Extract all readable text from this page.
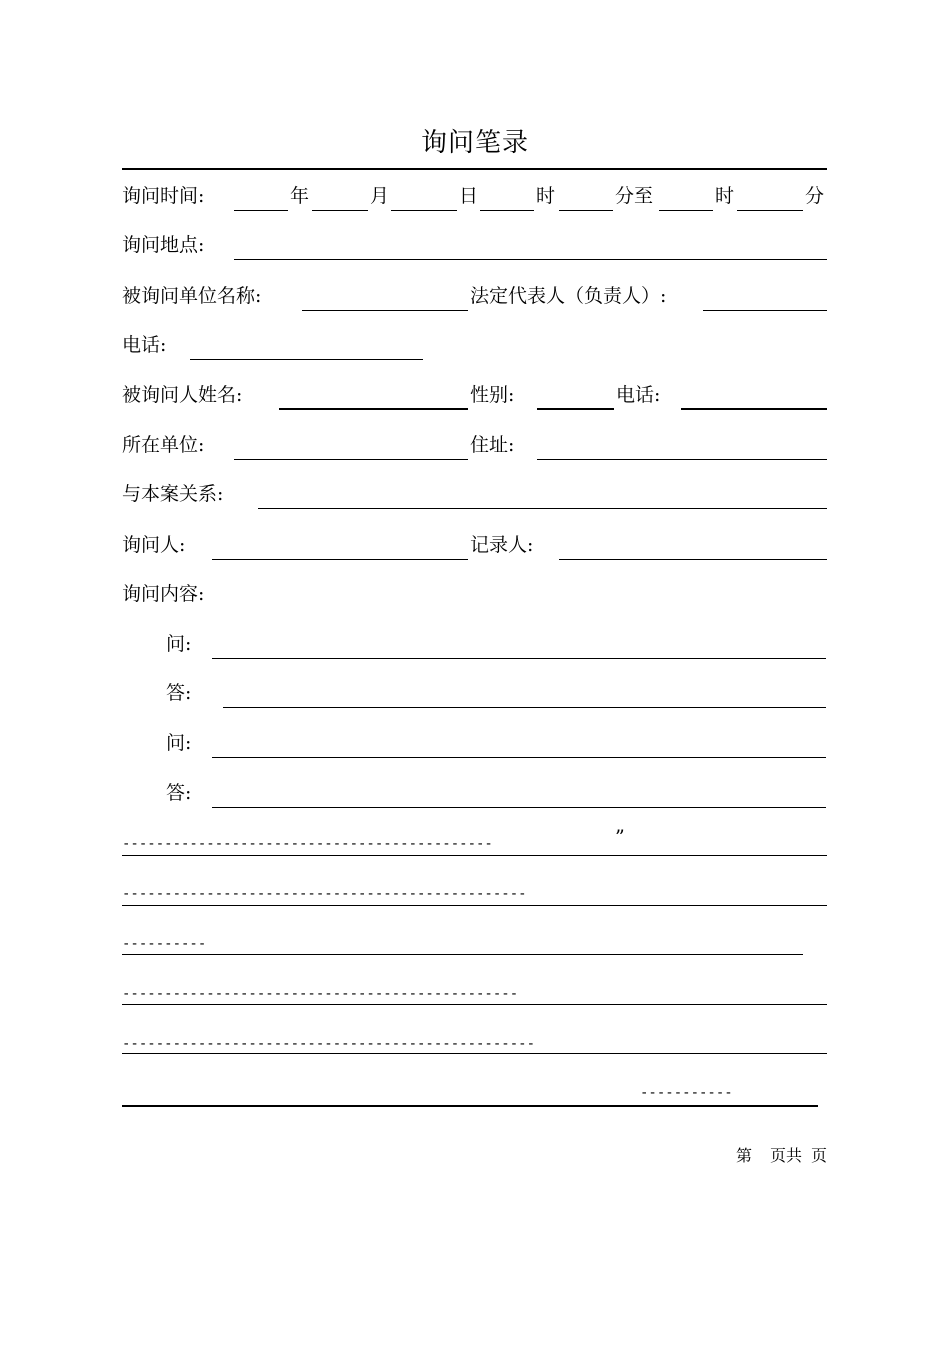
询问笔录
询问时间:	年	月	日	时	分至	时	分
询问地点:
被询问单位名称:	法定代表人（负责人）:
电话:
被询问人姓名:	性别:	电话:
所在单位:	住址:
与本案关系:
询问人:	记录人:
询问内容:
问:
答:
问:
答:
--------------------------------------------	”
------------------------------------------------
----------
-----------------------------------------------
-------------------------------------------------
-----------
第 页共 页
